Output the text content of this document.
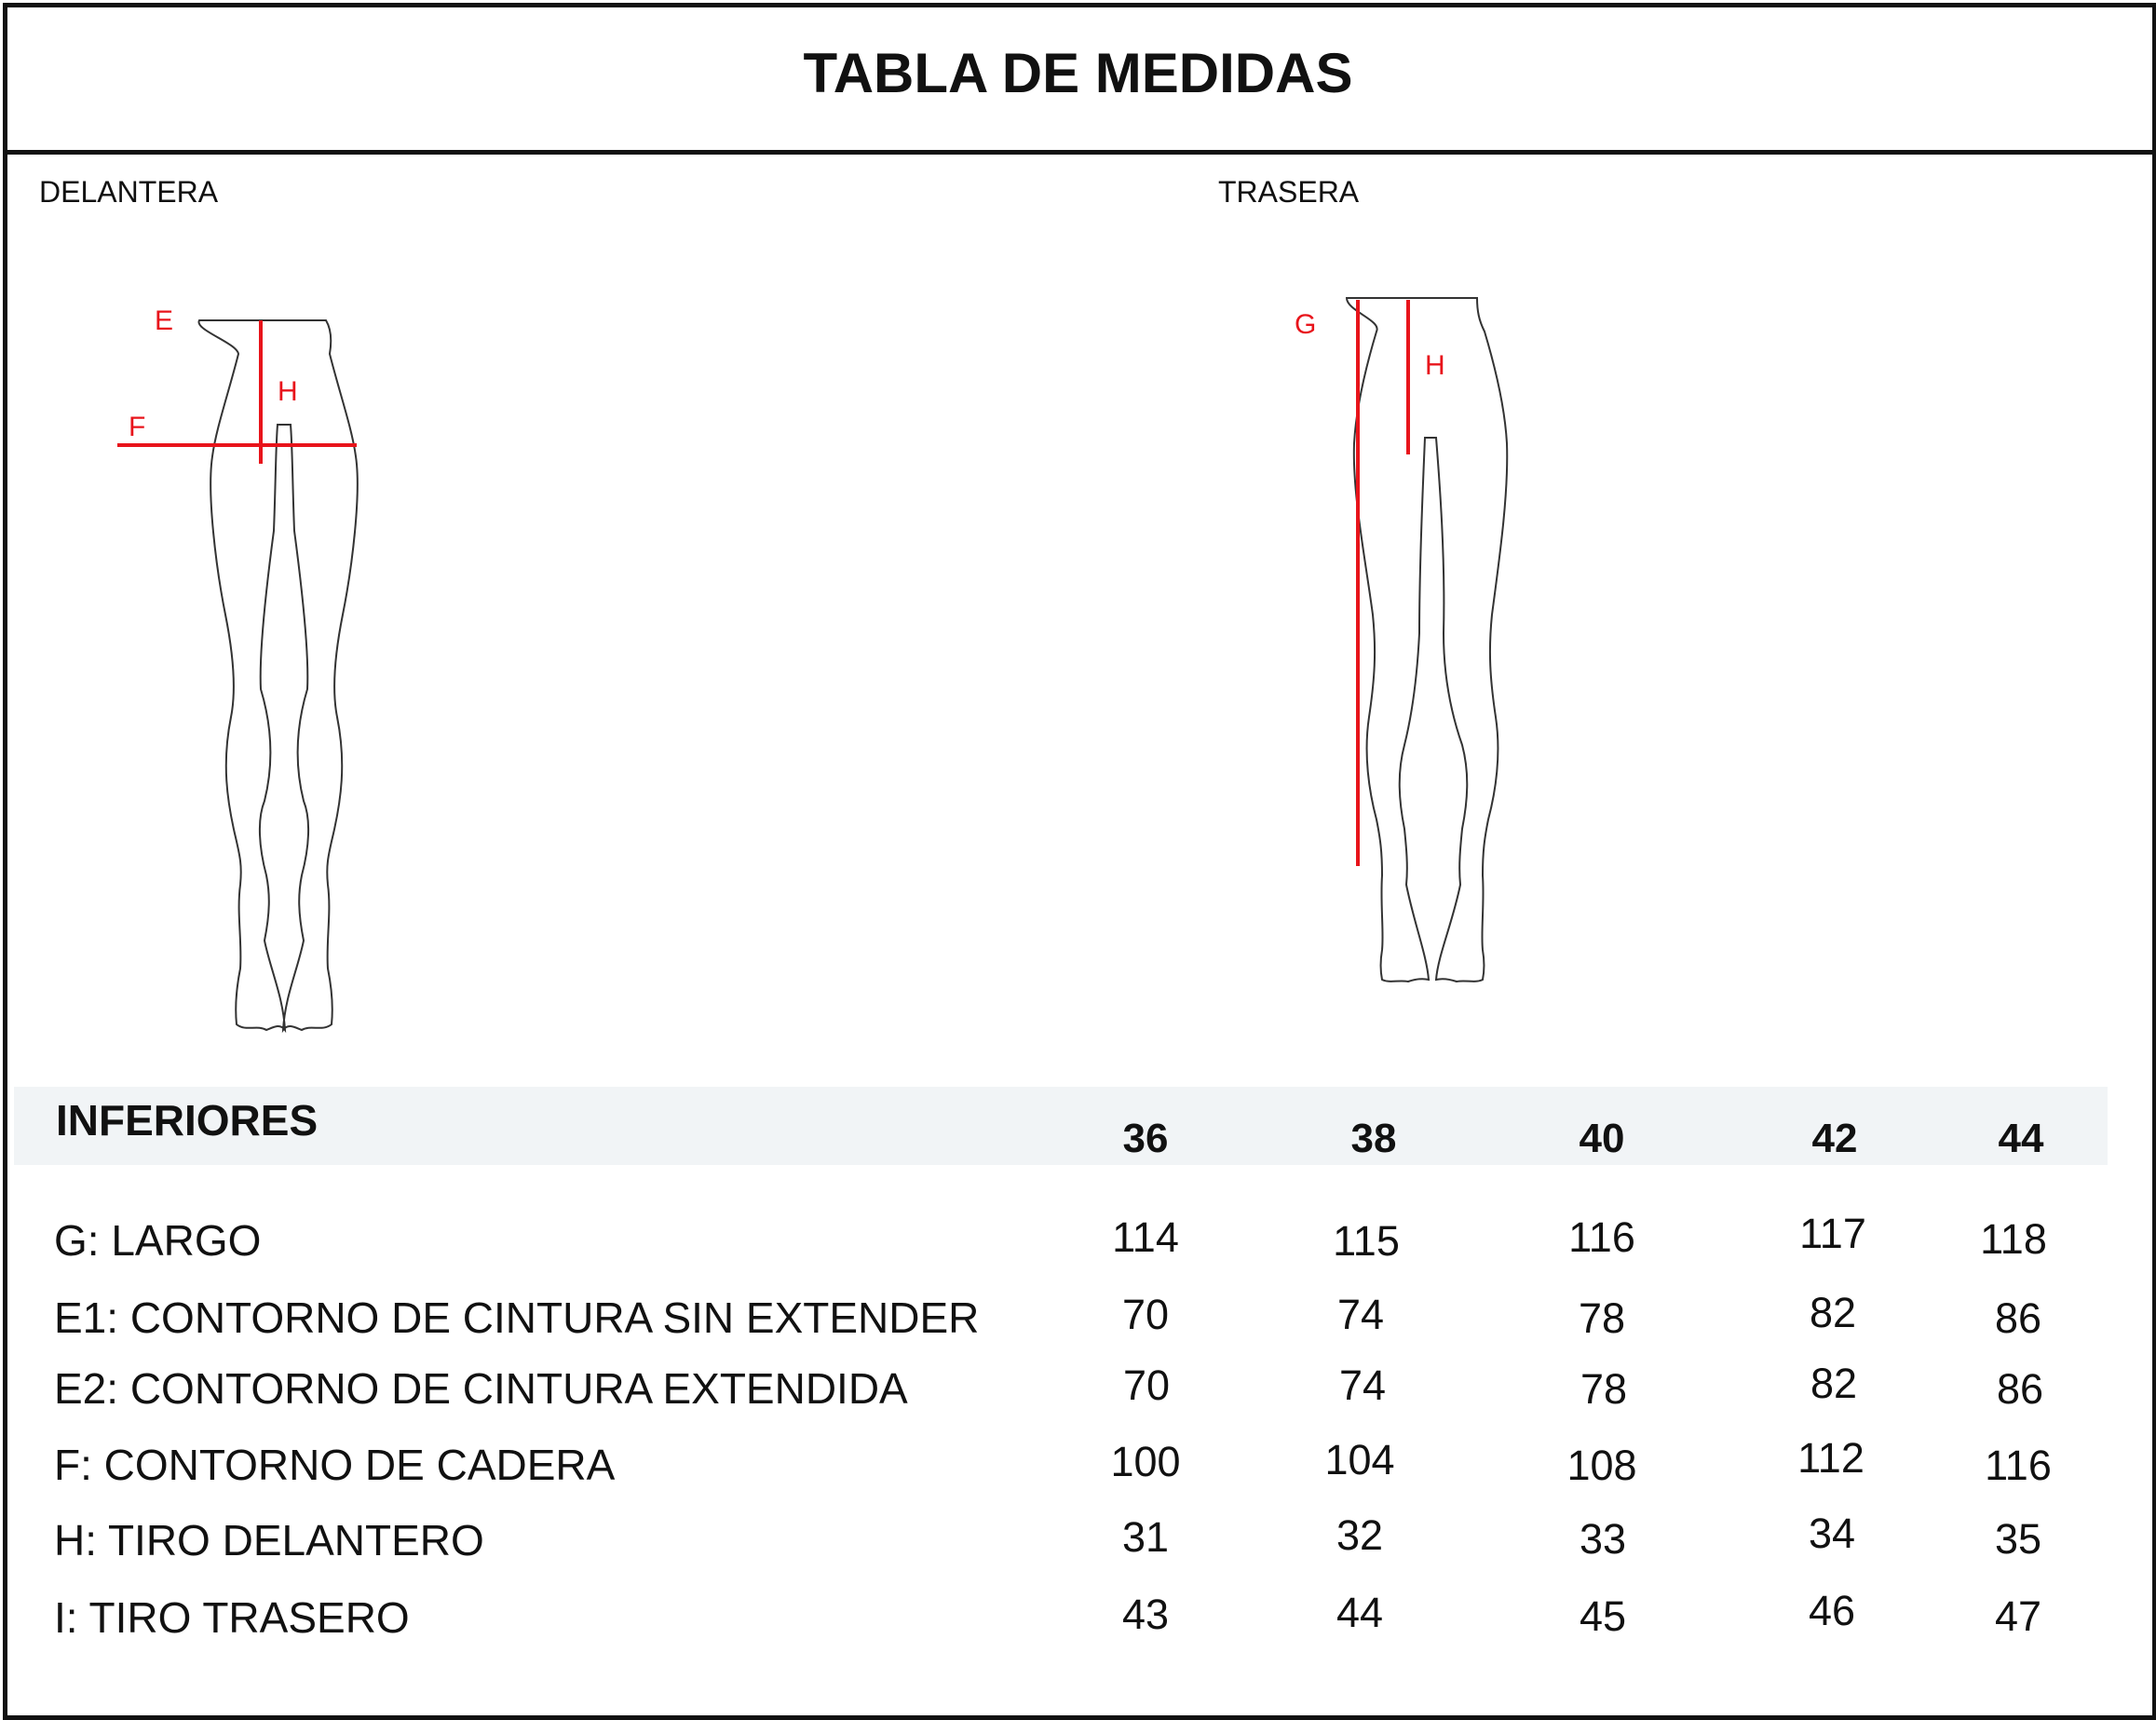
TABLA DE MEDIDAS
DELANTERA	TRASERA
E
H
F
G
H
INFERIORES	36	38	40	42	44
G: LARGO	114	115	116	117	118
E1: CONTORNO DE CINTURA SIN EXTENDER	70	74	78	82	86
E2: CONTORNO DE CINTURA EXTENDIDA	70	74	78	82	86
F: CONTORNO DE CADERA	100	104	108	112	116
H: TIRO DELANTERO	31	32	33	34	35
I: TIRO TRASERO	43	44	45	46	47
